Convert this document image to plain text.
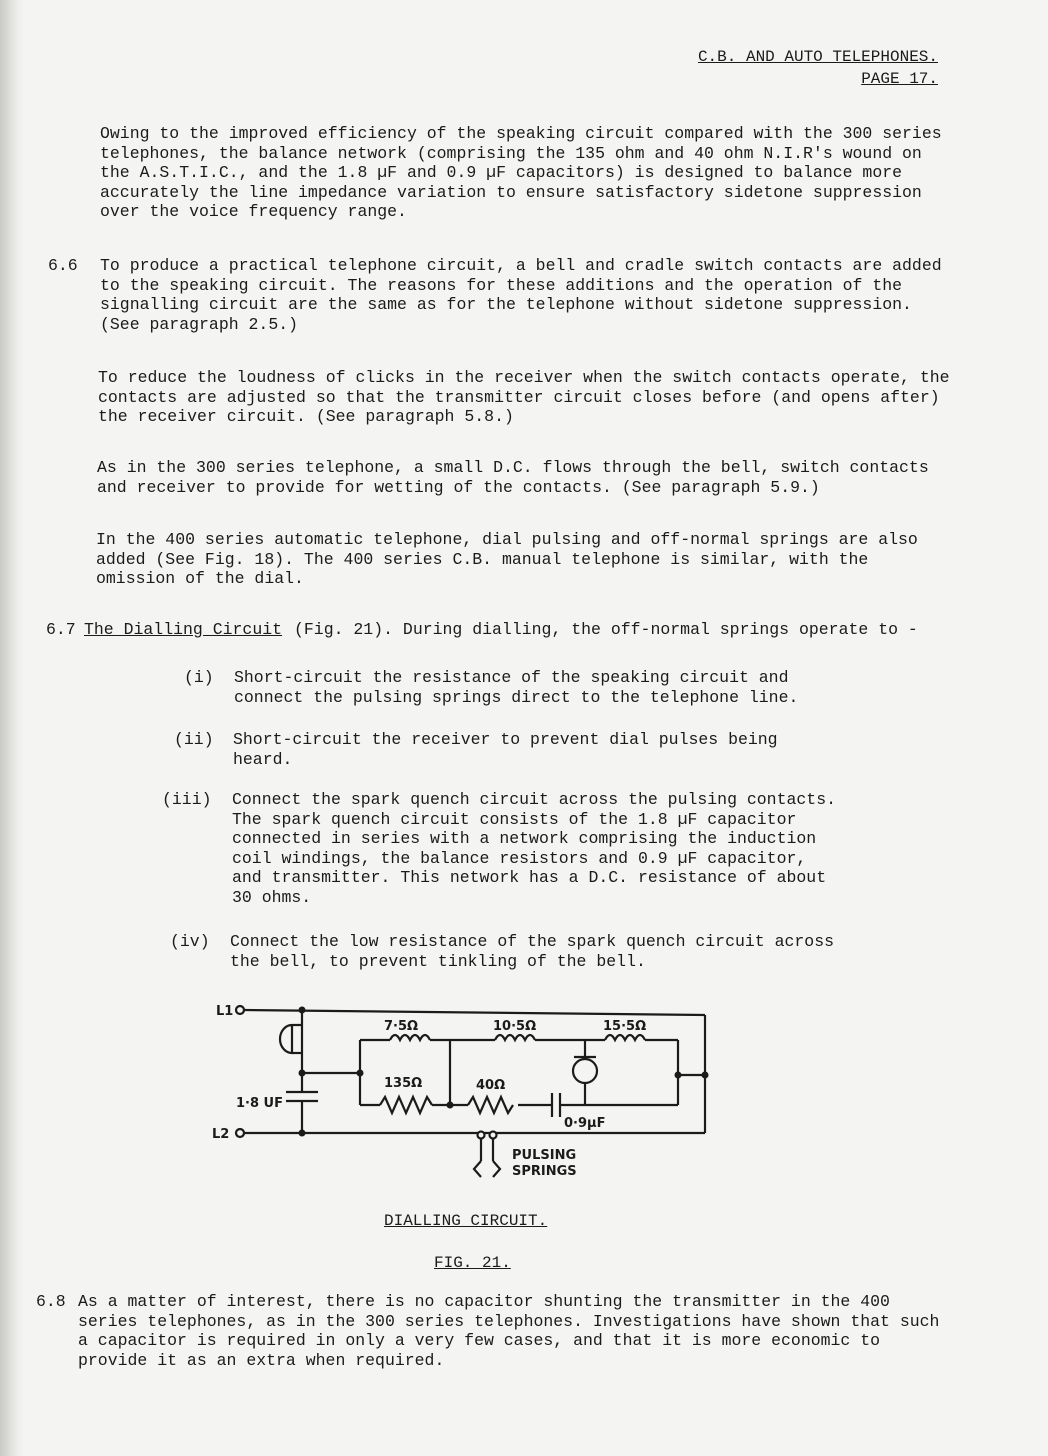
C.B. AND AUTO TELEPHONES.
PAGE 17.

Owing to the improved efficiency of the speaking circuit compared with the 300 series telephones, the balance network (comprising the 135 ohm and 40 ohm N.I.R's wound on the A.S.T.I.C., and the 1.8 µF and 0.9 µF capacitors) is designed to balance more accurately the line impedance variation to ensure satisfactory sidetone suppression over the voice frequency range.

6.6 To produce a practical telephone circuit, a bell and cradle switch contacts are added to the speaking circuit. The reasons for these additions and the operation of the signalling circuit are the same as for the telephone without sidetone suppression. (See paragraph 2.5.)

To reduce the loudness of clicks in the receiver when the switch contacts operate, the contacts are adjusted so that the transmitter circuit closes before (and opens after) the receiver circuit. (See paragraph 5.8.)

As in the 300 series telephone, a small D.C. flows through the bell, switch contacts and receiver to provide for wetting of the contacts. (See paragraph 5.9.)

In the 400 series automatic telephone, dial pulsing and off-normal springs are also added (See Fig. 18). The 400 series C.B. manual telephone is similar, with the omission of the dial.

6.7 The Dialling Circuit (Fig. 21). During dialling, the off-normal springs operate to -
(i) Short-circuit the resistance of the speaking circuit and connect the pulsing springs direct to the telephone line.

(ii) Short-circuit the receiver to prevent dial pulses being heard.

(iii) Connect the spark quench circuit across the pulsing contacts. The spark quench circuit consists of the 1.8 µF capacitor connected in series with a network comprising the induction coil windings, the balance resistors and 0.9 µF capacitor, and transmitter. This network has a D.C. resistance of about 30 ohms.

(iv) Connect the low resistance of the spark quench circuit across the bell, to prevent tinkling of the bell.

L1
L2
1·8 UF
7·5Ω	10·5Ω	15·5Ω
135Ω	40Ω
0·9µF
PULSING
SPRINGS
DIALLING CIRCUIT.
FIG. 21.
6.8 As a matter of interest, there is no capacitor shunting the transmitter in the 400 series telephones, as in the 300 series telephones. Investigations have shown that such a capacitor is required in only a very few cases, and that it is more economic to provide it as an extra when required.
